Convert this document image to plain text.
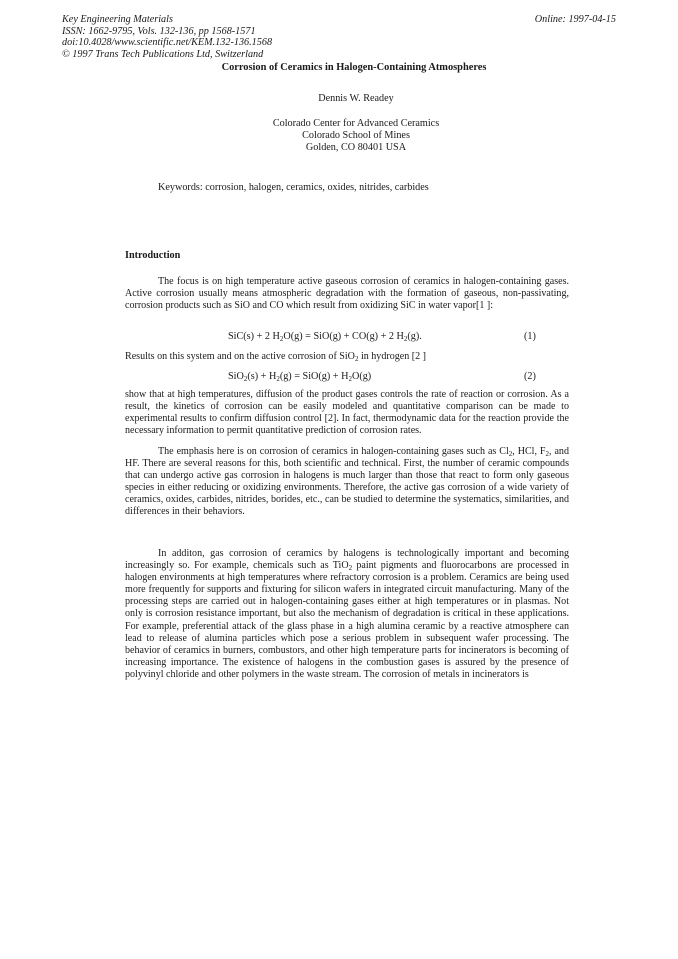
Key Engineering Materials
ISSN: 1662-9795, Vols. 132-136, pp 1568-1571
doi:10.4028/www.scientific.net/KEM.132-136.1568
© 1997 Trans Tech Publications Ltd, Switzerland
Online: 1997-04-15
Corrosion of Ceramics in Halogen-Containing Atmospheres
Dennis W. Readey
Colorado Center for Advanced Ceramics
Colorado School of Mines
Golden, CO 80401 USA
Keywords: corrosion, halogen, ceramics, oxides, nitrides, carbides
Introduction
The focus is on high temperature active gaseous corrosion of ceramics in halogen-containing gases. Active corrosion usually means atmospheric degradation with the formation of gaseous, non-passivating, corrosion products such as SiO and CO which result from oxidizing SiC in water vapor[1 ]:
SiC(s) + 2 $H_2O(g) = SiO(g) + CO(g) + 2$ $H_2(g)$.	(1)
Results on this system and on the active corrosion of SiO$_2$ in hydrogen [2 ]
$SiO_2(s) + H_2(g) = SiO(g) + H_2O(g)$	(2)
show that at high temperatures, diffusion of the product gases controls the rate of reaction or corrosion. As a result, the kinetics of corrosion can be easily modeled and quantitative comparison can be made to experimental results to confirm diffusion control [2]. In fact, thermodynamic data for the reaction provide the necessary information to permit quantitative prediction of corrosion rates.
The emphasis here is on corrosion of ceramics in halogen-containing gases such as $Cl_2$, HCl, $F_2$, and HF. There are several reasons for this, both scientific and technical. First, the number of ceramic compounds that can undergo active gas corrosion in halogens is much larger than those that react to form only gaseous species in either reducing or oxidizing environments. Therefore, the active gas corrosion of a wide variety of ceramics, oxides, carbides, nitrides, borides, etc., can be studied to determine the systematics, similarities, and differences in their behaviors.
In additon, gas corrosion of ceramics by halogens is technologically important and becoming increasingly so. For example, chemicals such as TiO$_2$ paint pigments and fluorocarbons are processed in halogen environments at high temperatures where refractory corrosion is a problem. Ceramics are being used more frequently for supports and fixturing for silicon wafers in integrated circuit manufacturing. Many of the processing steps are carried out in halogen-containing gases either at high temperatures or in plasmas. Not only is corrosion resistance important, but also the mechanism of degradation is critical in these applications. For example, preferential attack of the glass phase in a high alumina ceramic by a reactive atmosphere can lead to release of alumina particles which pose a serious problem in subsequent wafer processing. The behavior of ceramics in burners, combustors, and other high temperature parts for incinerators is becoming of increasing importance. The existence of halogens in the combustion gases is assured by the presence of polyvinyl chloride and other polymers in the waste stream. The corrosion of metals in incinerators is
